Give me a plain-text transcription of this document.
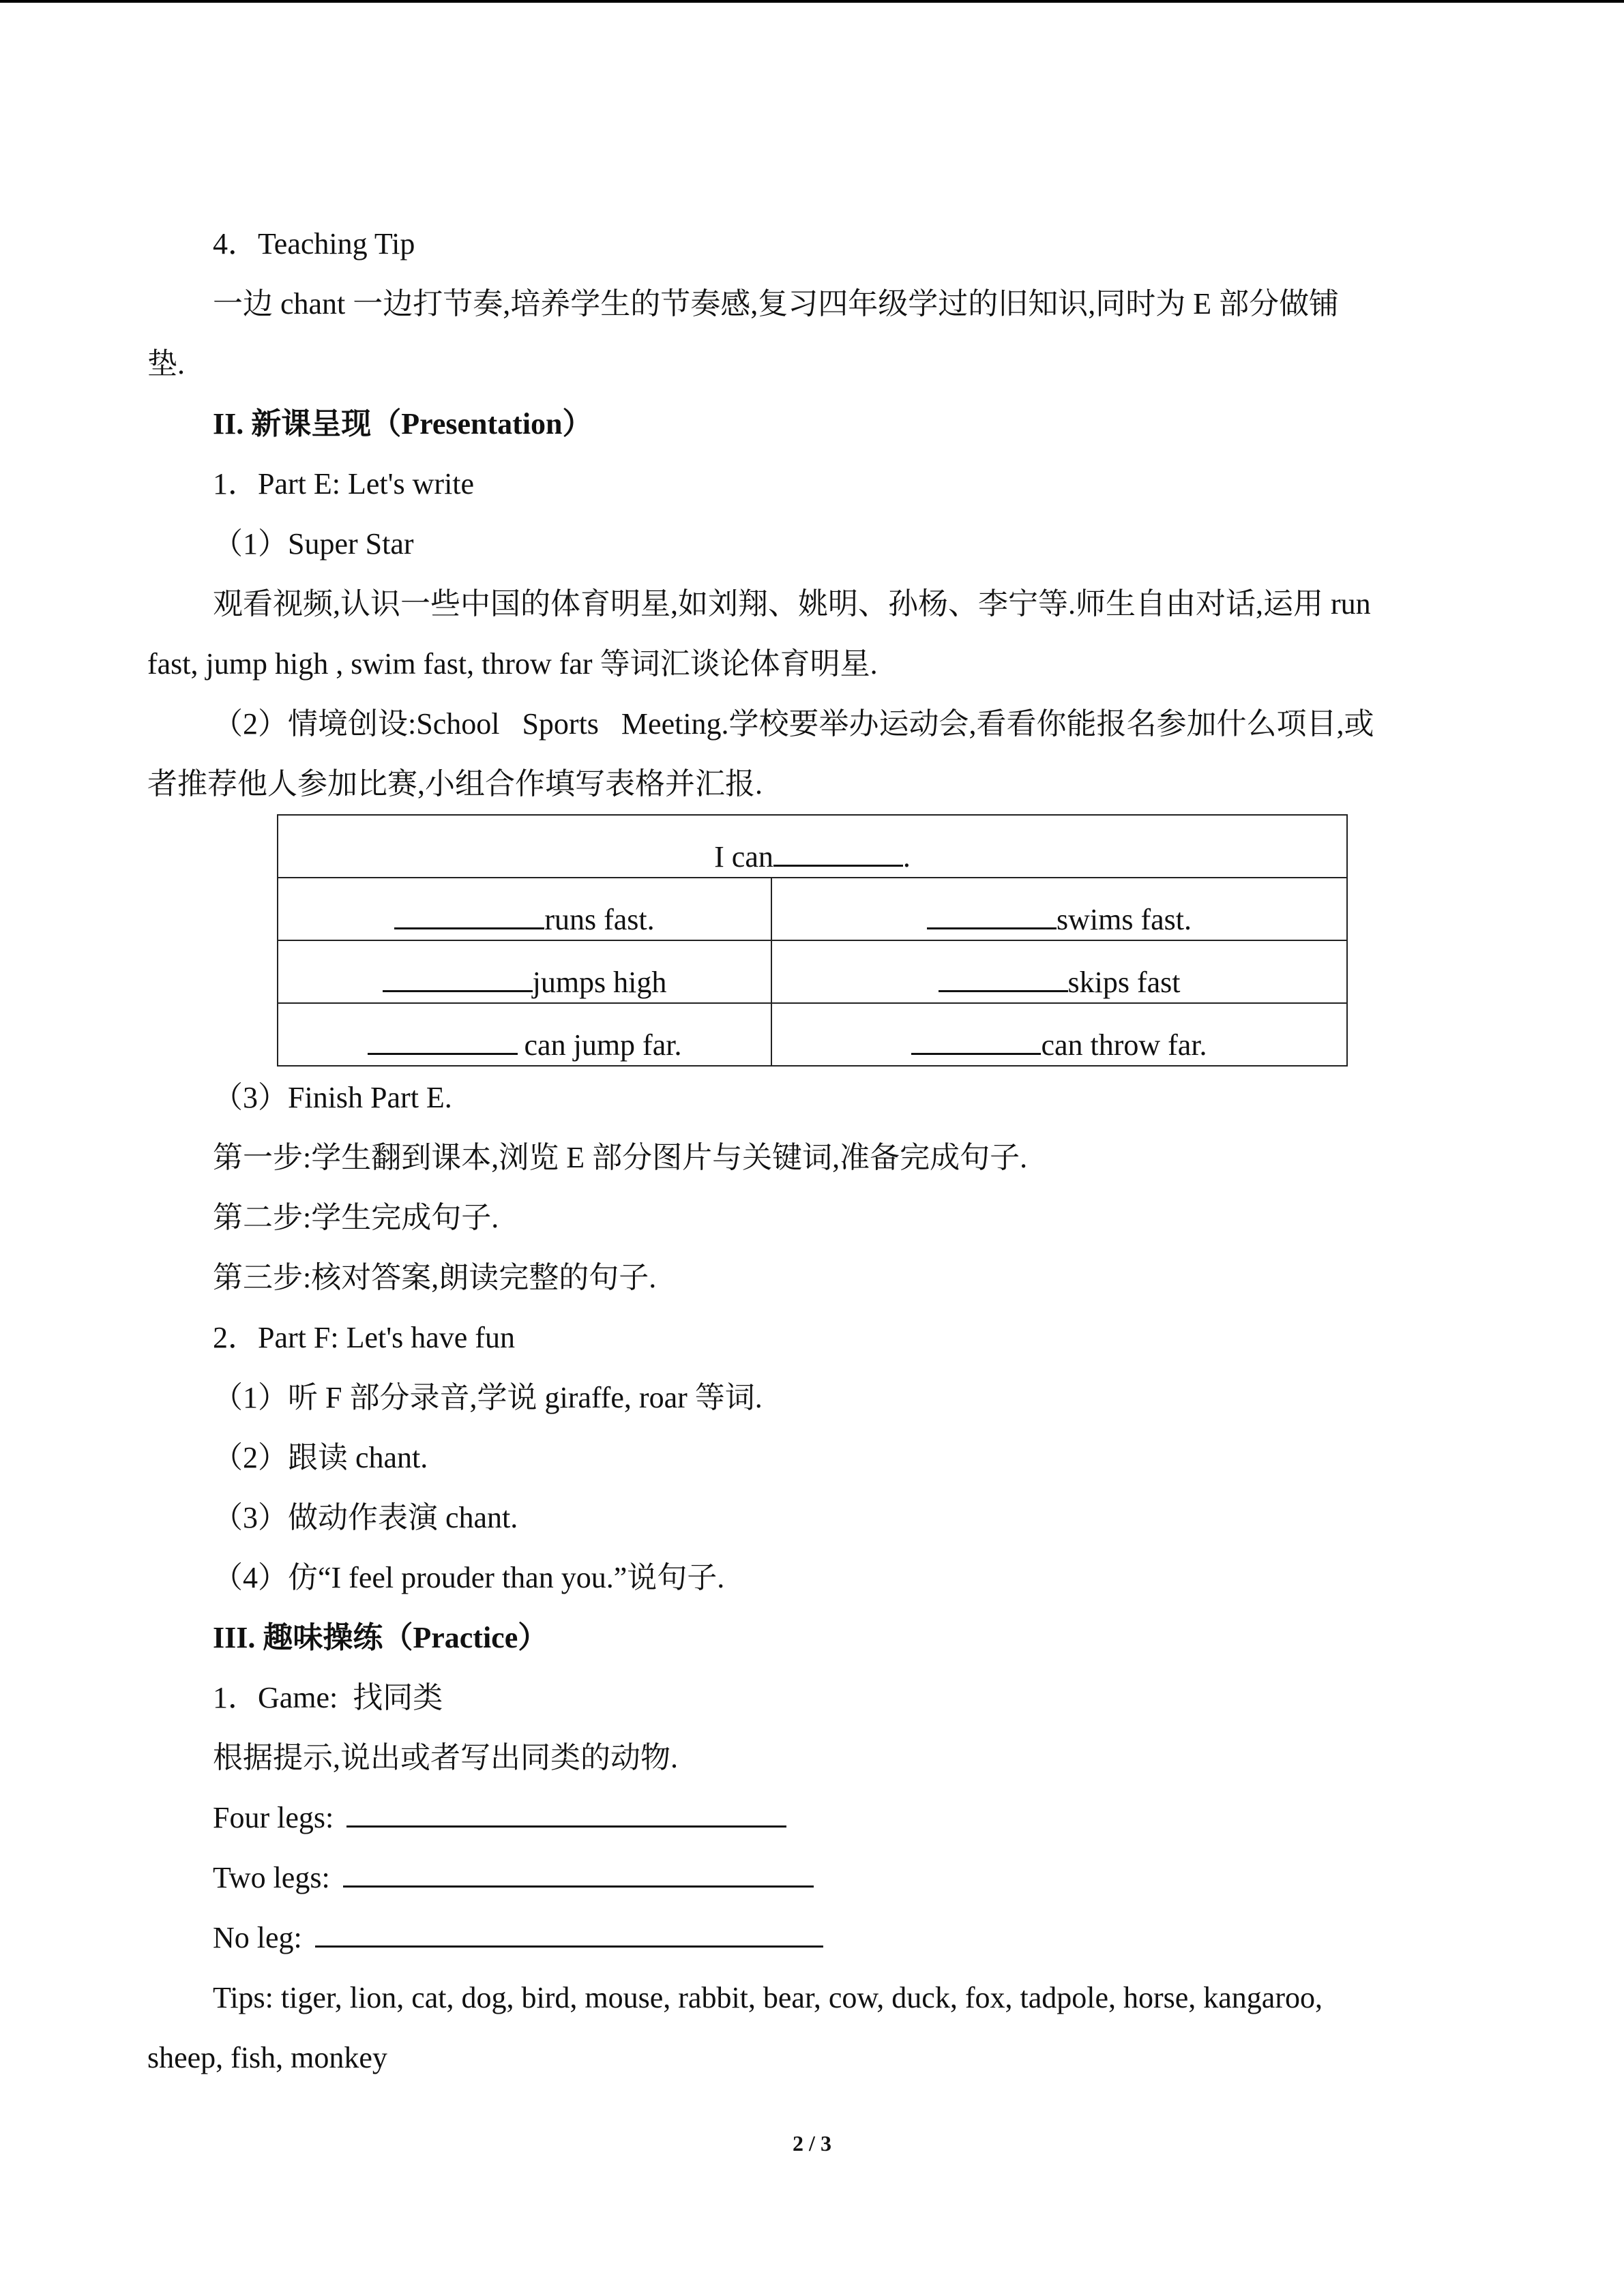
4．Teaching Tip
一边 chant 一边打节奏,培养学生的节奏感,复习四年级学过的旧知识,同时为 E 部分做铺
垫.
II. 新课呈现（Presentation）
1．Part E: Let's write
（1）Super Star
观看视频,认识一些中国的体育明星,如刘翔、姚明、孙杨、李宁等.师生自由对话,运用 run
fast, jump high , swim fast, throw far 等词汇谈论体育明星.
（2）情境创设:School   Sports   Meeting.学校要举办运动会,看看你能报名参加什么项目,或
者推荐他人参加比赛,小组合作填写表格并汇报.
I can .	
runs fast.	swims fast.
jumps high	skips fast
can jump far.	can throw far.
（3）Finish Part E.
第一步:学生翻到课本,浏览 E 部分图片与关键词,准备完成句子.
第二步:学生完成句子.
第三步:核对答案,朗读完整的句子.
2．Part F: Let's have fun
（1）听 F 部分录音,学说 giraffe, roar 等词.
（2）跟读 chant.
（3）做动作表演 chant.
（4）仿“I feel prouder than you.”说句子.
III. 趣味操练（Practice）
1．Game:  找同类
根据提示,说出或者写出同类的动物.
Four legs:
Two legs:
No leg:
Tips: tiger, lion, cat, dog, bird, mouse, rabbit, bear, cow, duck, fox, tadpole, horse, kangaroo,
sheep, fish, monkey
2 / 3
